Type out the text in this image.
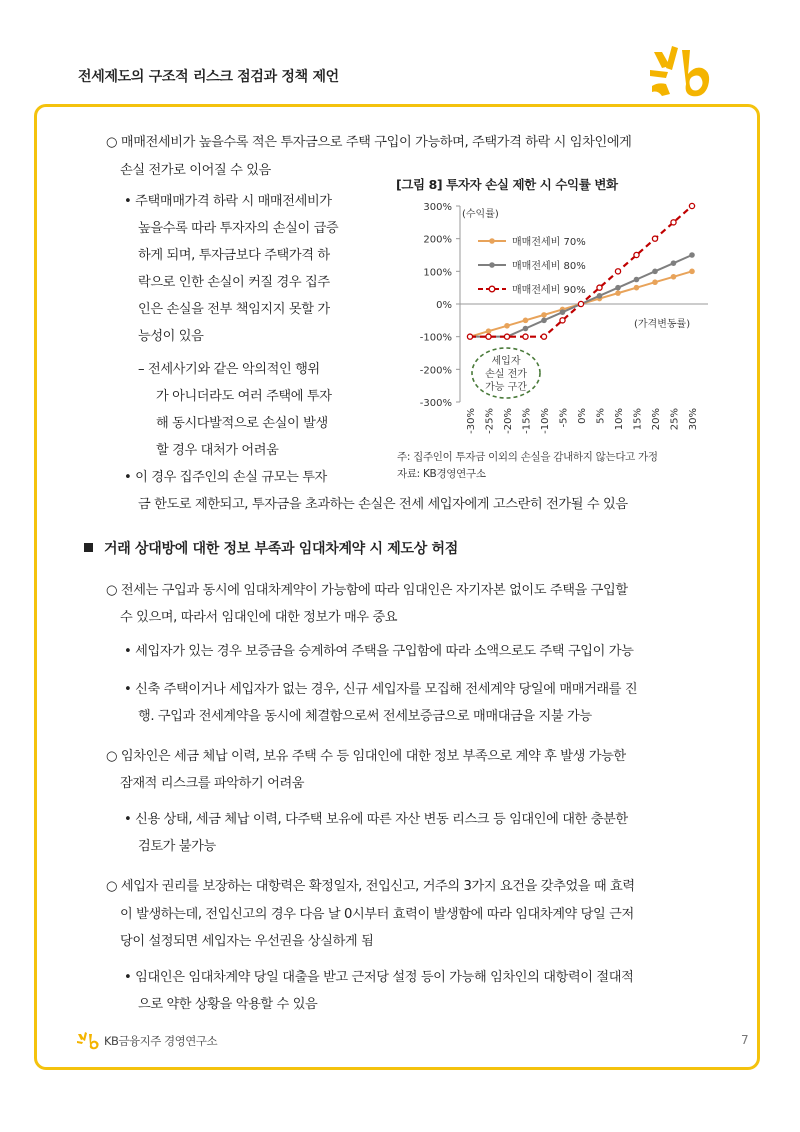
전세제도의 구조적 리스크 점검과 정책 제언
○ 매매전세비가 높을수록 적은 투자금으로 주택 구입이 가능하며, 주택가격 하락 시 임차인에게
손실 전가로 이어질 수 있음
• 주택매매가격 하락 시 매매전세비가
높을수록 따라 투자자의 손실이 급증
하게 되며, 투자금보다 주택가격 하
락으로 인한 손실이 커질 경우 집주
인은 손실을 전부 책임지지 못할 가
능성이 있음
– 전세사기와 같은 악의적인 행위
가 아니더라도 여러 주택에 투자
해 동시다발적으로 손실이 발생
할 경우 대처가 어려움
• 이 경우 집주인의 손실 규모는 투자
금 한도로 제한되고, 투자금을 초과하는 손실은 전세 세입자에게 고스란히 전가될 수 있음
[그림 8] 투자자 손실 제한 시 수익률 변화
(수익률)
(가격변동률)
300%
200%
100%
0%
-100%
-200%
-300%
-30% -25% -20% -15% -10% -5% 0% 5% 10% 15% 20% 25% 30%
매매전세비 70%
매매전세비 80%
매매전세비 90%
세입자
손실 전가
가능 구간
주: 집주인이 투자금 이외의 손실을 감내하지 않는다고 가정
자료: KB경영연구소
거래 상대방에 대한 정보 부족과 임대차계약 시 제도상 허점
○ 전세는 구입과 동시에 임대차계약이 가능함에 따라 임대인은 자기자본 없이도 주택을 구입할
수 있으며, 따라서 임대인에 대한 정보가 매우 중요
• 세입자가 있는 경우 보증금을 승계하여 주택을 구입함에 따라 소액으로도 주택 구입이 가능
• 신축 주택이거나 세입자가 없는 경우, 신규 세입자를 모집해 전세계약 당일에 매매거래를 진
행. 구입과 전세계약을 동시에 체결함으로써 전세보증금으로 매매대금을 지불 가능
○ 임차인은 세금 체납 이력, 보유 주택 수 등 임대인에 대한 정보 부족으로 계약 후 발생 가능한
잠재적 리스크를 파악하기 어려움
• 신용 상태, 세금 체납 이력, 다주택 보유에 따른 자산 변동 리스크 등 임대인에 대한 충분한
검토가 불가능
○ 세입자 권리를 보장하는 대항력은 확정일자, 전입신고, 거주의 3가지 요건을 갖추었을 때 효력
이 발생하는데, 전입신고의 경우 다음 날 0시부터 효력이 발생함에 따라 임대차계약 당일 근저
당이 설정되면 세입자는 우선권을 상실하게 됨
• 임대인은 임대차계약 당일 대출을 받고 근저당 설정 등이 가능해 임차인의 대항력이 절대적
으로 약한 상황을 악용할 수 있음
KB금융지주 경영연구소	7
